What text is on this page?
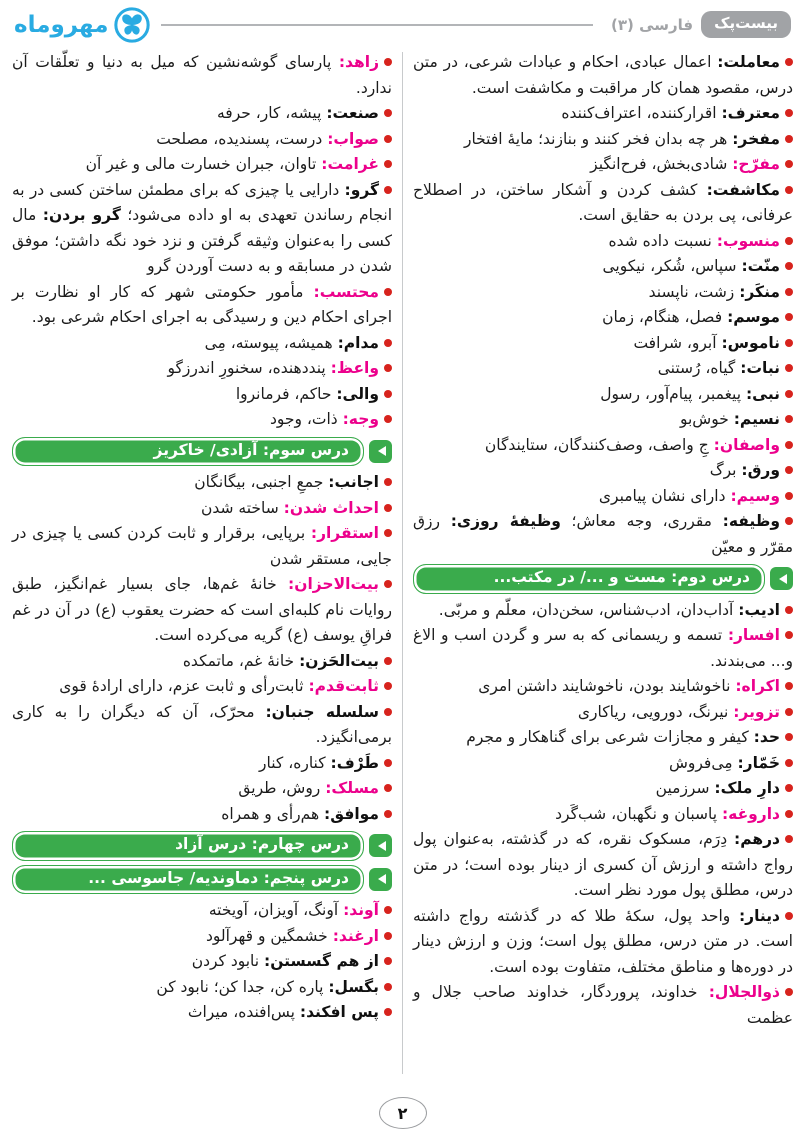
بیست‌پک
فارسی (۳)
مهروماه
معاملت: اعمال عبادی، احکام و عبادات شرعی، در متن درس، مقصود همان کار مراقبت و مکاشفت است.
معترف: اقرارکننده، اعتراف‌کننده
مفخر: هر چه بدان فخر کنند و بنازند؛ مایهٔ افتخار
مفرّح: شادی‌بخش، فرح‌انگیز
مکاشفت: کشف کردن و آشکار ساختن، در اصطلاح عرفانی، پی بردن به حقایق است.
منسوب: نسبت داده شده
منّت: سپاس، شُکر، نیکویی
منکَر: زشت، ناپسند
موسم: فصل، هنگام، زمان
ناموس: آبرو، شرافت
نبات: گیاه، رُستنی
نبی: پیغمبر، پیام‌آور، رسول
نسیم: خوش‌بو
واصفان: جِ واصف، وصف‌کنندگان، ستایندگان
ورق: برگ
وسیم: دارای نشان پیامبری
وظیفه: مقرری، وجه معاش؛ وظیفهٔ روزی: رزق مقرّر و معیّن
درس دوم: مست و .../ در مکتب...
ادیب: آداب‌دان، ادب‌شناس، سخن‌دان، معلّم و مربّی.
افسار: تسمه و ریسمانی که به سر و گردن اسب و الاغ و... می‌بندند.
اکراه: ناخوشایند بودن، ناخوشایند داشتن امری
تزویر: نیرنگ، دورویی، ریاکاری
حد: کیفر و مجازات شرعی برای گناهکار و مجرم
خَمّار: مِی‌فروش
دارِ ملک: سرزمین
داروغه: پاسبان و نگهبان، شب‌گَرد
درهم: دِرَم، مسکوک نقره، که در گذشته، به‌عنوان پول رواج داشته و ارزش آن کسری از دینار بوده است؛ در متن درس، مطلق پول مورد نظر است.
دینار: واحد پول، سکهٔ طلا که در گذشته رواج داشته است. در متن درس، مطلق پول است؛ وزن و ارزش دینار در دوره‌ها و مناطق مختلف، متفاوت بوده است.
ذوالجلال: خداوند، پروردگار، خداوند صاحب جلال و عظمت
زاهد: پارسای گوشه‌نشین که میل به دنیا و تعلّقات آن ندارد.
صنعت: پیشه، کار، حرفه
صواب: درست، پسندیده، مصلحت
غرامت: تاوان، جبران خسارت مالی و غیر آن
گرو: دارایی یا چیزی که برای مطمئن ساختن کسی در به انجام رساندن تعهدی به او داده می‌شود؛ گرو بردن: مال کسی را به‌عنوان وثیقه گرفتن و نزد خود نگه داشتن؛ موفق شدن در مسابقه و به دست آوردن گرو
محتسب: مأمور حکومتی شهر که کار او نظارت بر اجرای احکام دین و رسیدگی به اجرای احکام شرعی بود.
مدام: همیشه، پیوسته، مِی
واعظ: پنددهنده، سخنورِ اندرزگو
والی: حاکم، فرمانروا
وجه: ذات، وجود
درس سوم: آزادی/ خاکریز
اجانب: جمعِ اجنبی، بیگانگان
احداث شدن: ساخته شدن
استقرار: برپایی، برقرار و ثابت کردن کسی یا چیزی در جایی، مستقر شدن
بیت‌الاحزان: خانهٔ غم‌ها، جای بسیار غم‌انگیز، طبق روایات نام کلبه‌ای است که حضرت یعقوب (ع) در آن در غم فراقِ یوسف (ع) گریه می‌کرده است.
بیت‌الحَزن: خانهٔ غم، ماتمکده
ثابت‌قدم: ثابت‌رأی و ثابت عزم، دارای ارادهٔ قوی
سلسله جنبان: محرّک، آن که دیگران را به کاری برمی‌انگیزد.
طَرْف: کناره، کنار
مسلک: روش، طریق
موافق: هم‌رأی و همراه
درس چهارم: درس آزاد
درس پنجم: دماوندیه/ جاسوسی ...
آوند: آونگ، آویزان، آویخته
ارغند: خشمگین و قهرآلود
از هم گسستن: نابود کردن
بگسل: پاره کن، جدا کن؛ نابود کن
پس افکند: پس‌افنده، میراث
۲
